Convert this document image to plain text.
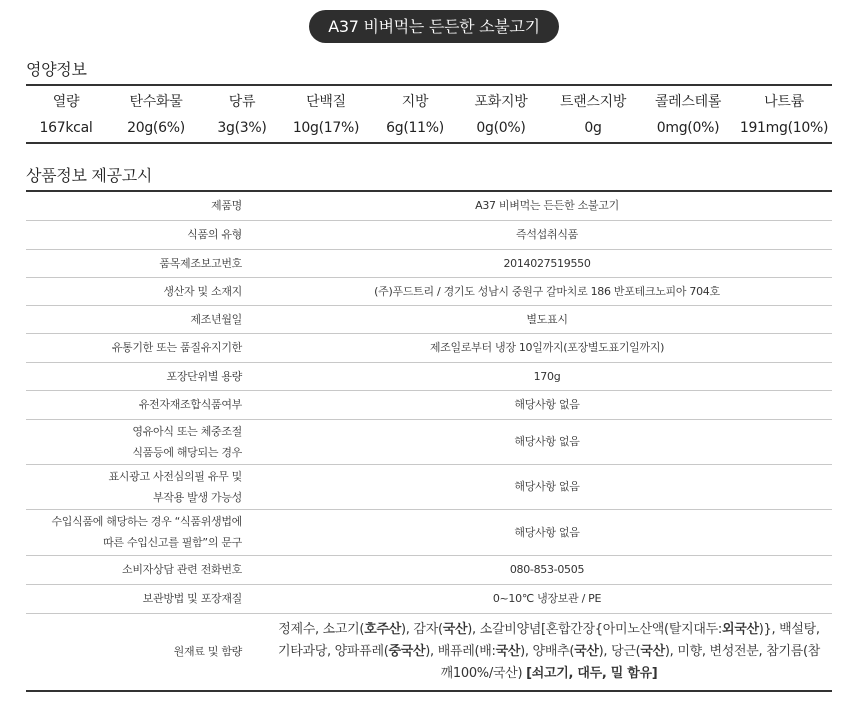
A37 비벼먹는 든든한 소불고기
영양정보
열량	탄수화물	당류	단백질	지방	포화지방	트랜스지방	콜레스테롤	나트륨
167kcal	20g(6%)	3g(3%)	10g(17%)	6g(11%)	0g(0%)	0g	0mg(0%)	191mg(10%)
상품정보 제공고시
제품명	A37 비벼먹는 든든한 소불고기
식품의 유형	즉석섭취식품
품목제조보고번호	2014027519550
생산자 및 소재지	(주)푸드트리 / 경기도 성남시 중원구 갈마치로 186 반포테크노피아 704호
제조년월일	별도표시
유통기한 또는 품질유지기한	제조일로부터 냉장 10일까지(포장별도표기일까지)
포장단위별 용량	170g
유전자재조합식품여부	해당사항 없음

영유아식 또는 체중조절
식품등에 해당되는 경우	해당사항 없음

표시광고 사전심의필 유무 및
부작용 발생 가능성	해당사항 없음

수입식품에 해당하는 경우 “식품위생법에
따른 수입신고를 필함”의 문구	해당사항 없음
소비자상담 관련 전화번호	080-853-0505
보관방법 및 포장재질	0~10℃ 냉장보관 / PE
원재료 및 함량	정제수, 소고기(호주산), 감자(국산), 소갈비양념[혼합간장{아미노산액(탈지대두:외국산)}, 백설탕, 기타과당, 양파퓨레(중국산), 배퓨레(배:국산), 양배추(국산), 당근(국산), 미향, 변성전분, 참기름(참깨100%/국산) [쇠고기, 대두, 밀 함유]
